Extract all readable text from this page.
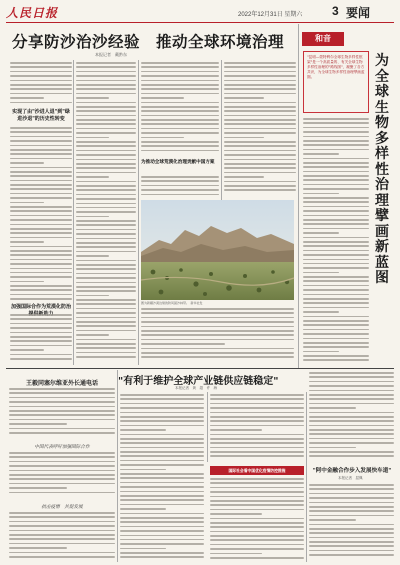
人民日报	2022年12月31日 星期六 3 要闻
分享防沙治沙经验　推动全球环境治理
本报记者　戴黔东
实现了由"沙进人退"到"绿进沙退"的历史性转变
加强国际合作为荒漠化防治
为推动全球荒漠化治理贡献中国方案
图为新疆沙漠边缘的防风固沙林带。　新华社发
和音
"昆明—蒙特利尔全球生物多样性框架"是一个高质量的、有关全球生物多样性治理的"路线图"，凝聚了各方共识，为全球生物多样性治理擘画蓝图。
为全球生物多样性治理擘画新蓝图
"有利于维护全球产业链供应链稳定"
本报记者　黄　超　许　海
国际社会看中国优化疫情防控措施	"阿中金融合作步入发展快车道"
本报记者　屈佩
王毅同塞尔维亚外长通电话
中国代表呼吁加强国际合作
抗击疫情　共促发展
